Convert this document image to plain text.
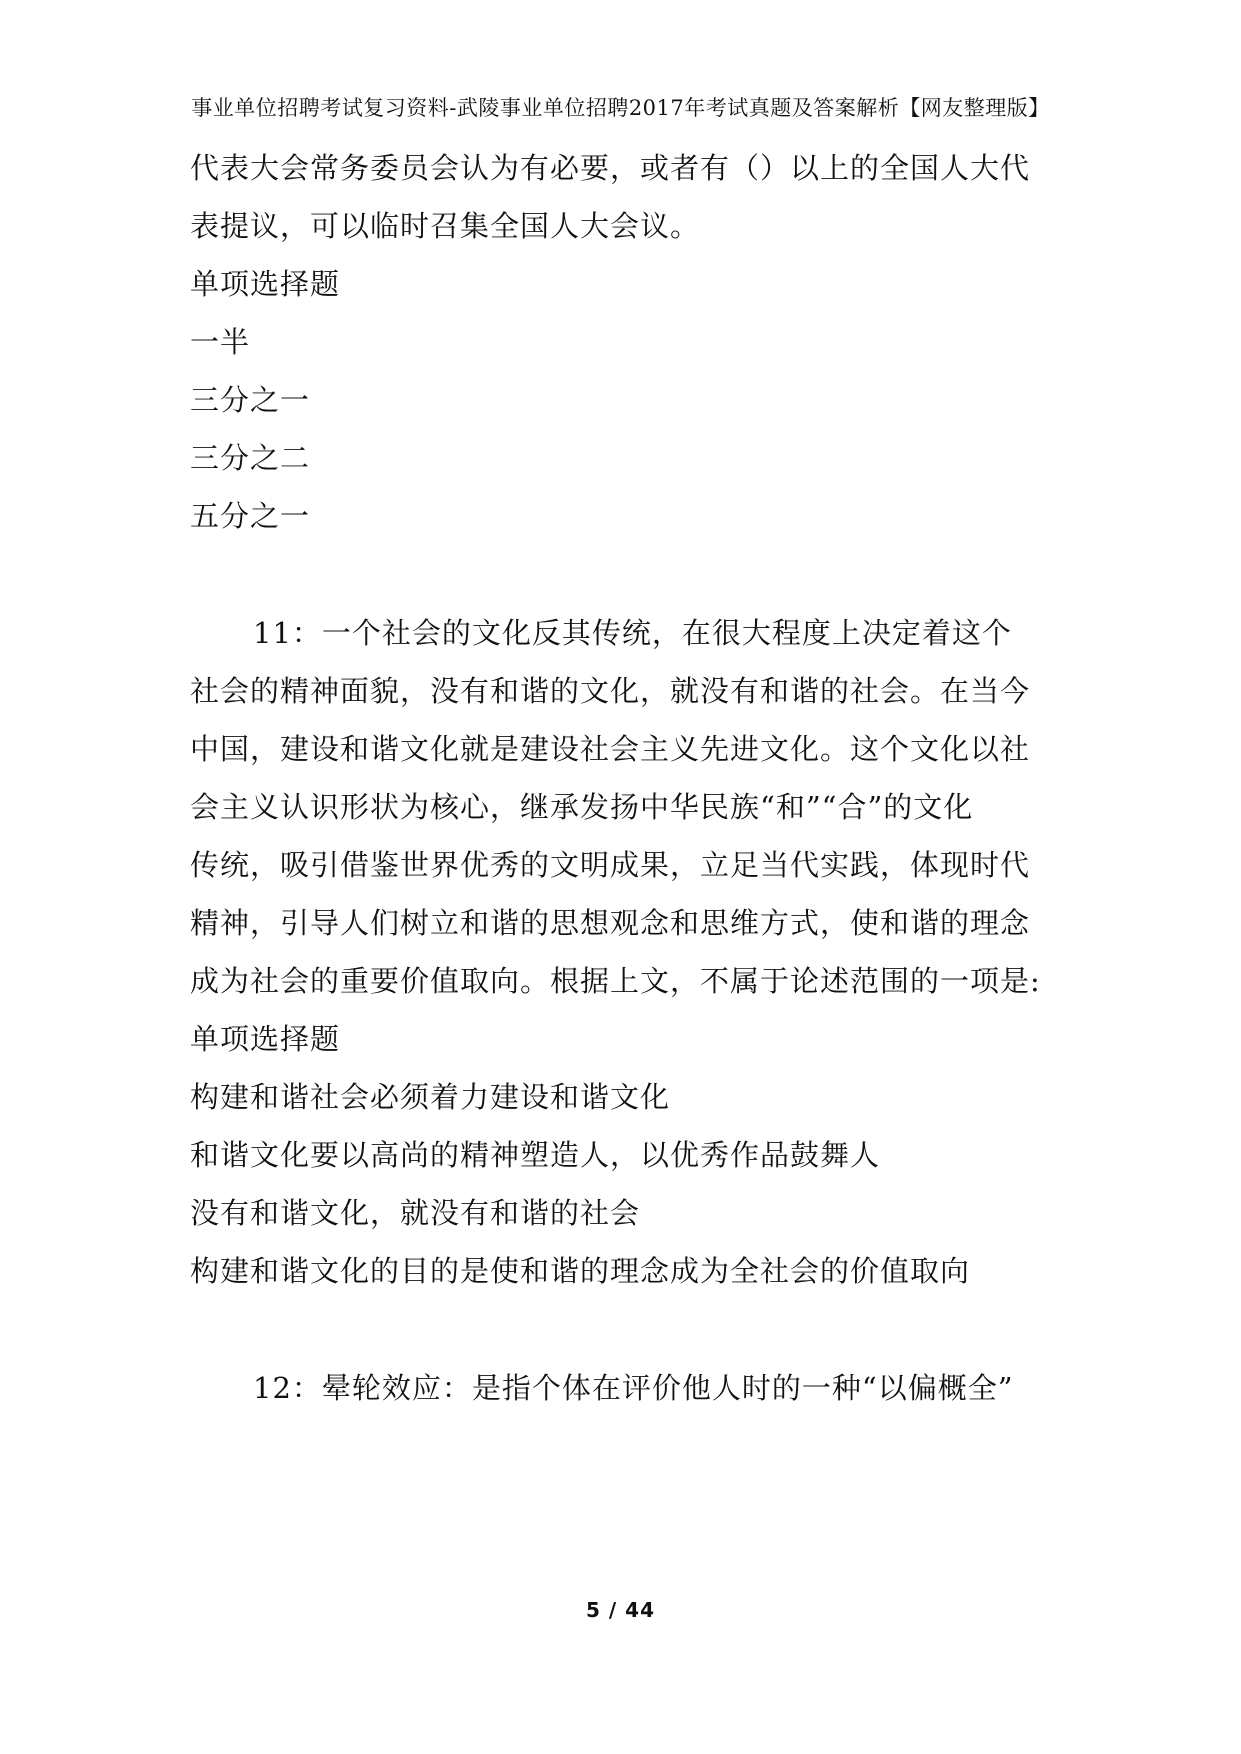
事业单位招聘考试复习资料-武陵事业单位招聘2017年考试真题及答案解析【网友整理版】
代表大会常务委员会认为有必要，或者有（）以上的全国人大代
表提议，可以临时召集全国人大会议。
单项选择题
一半
三分之一
三分之二
五分之一
11：一个社会的文化反其传统，在很大程度上决定着这个
社会的精神面貌，没有和谐的文化，就没有和谐的社会。在当今
中国，建设和谐文化就是建设社会主义先进文化。这个文化以社
会主义认识形状为核心，继承发扬中华民族“和”“合”的文化
传统，吸引借鉴世界优秀的文明成果，立足当代实践，体现时代
精神，引导人们树立和谐的思想观念和思维方式，使和谐的理念
成为社会的重要价值取向。根据上文，不属于论述范围的一项是:
单项选择题
构建和谐社会必须着力建设和谐文化
和谐文化要以高尚的精神塑造人，以优秀作品鼓舞人
没有和谐文化，就没有和谐的社会
构建和谐文化的目的是使和谐的理念成为全社会的价值取向
12：晕轮效应：是指个体在评价他人时的一种“以偏概全”
5 / 44
